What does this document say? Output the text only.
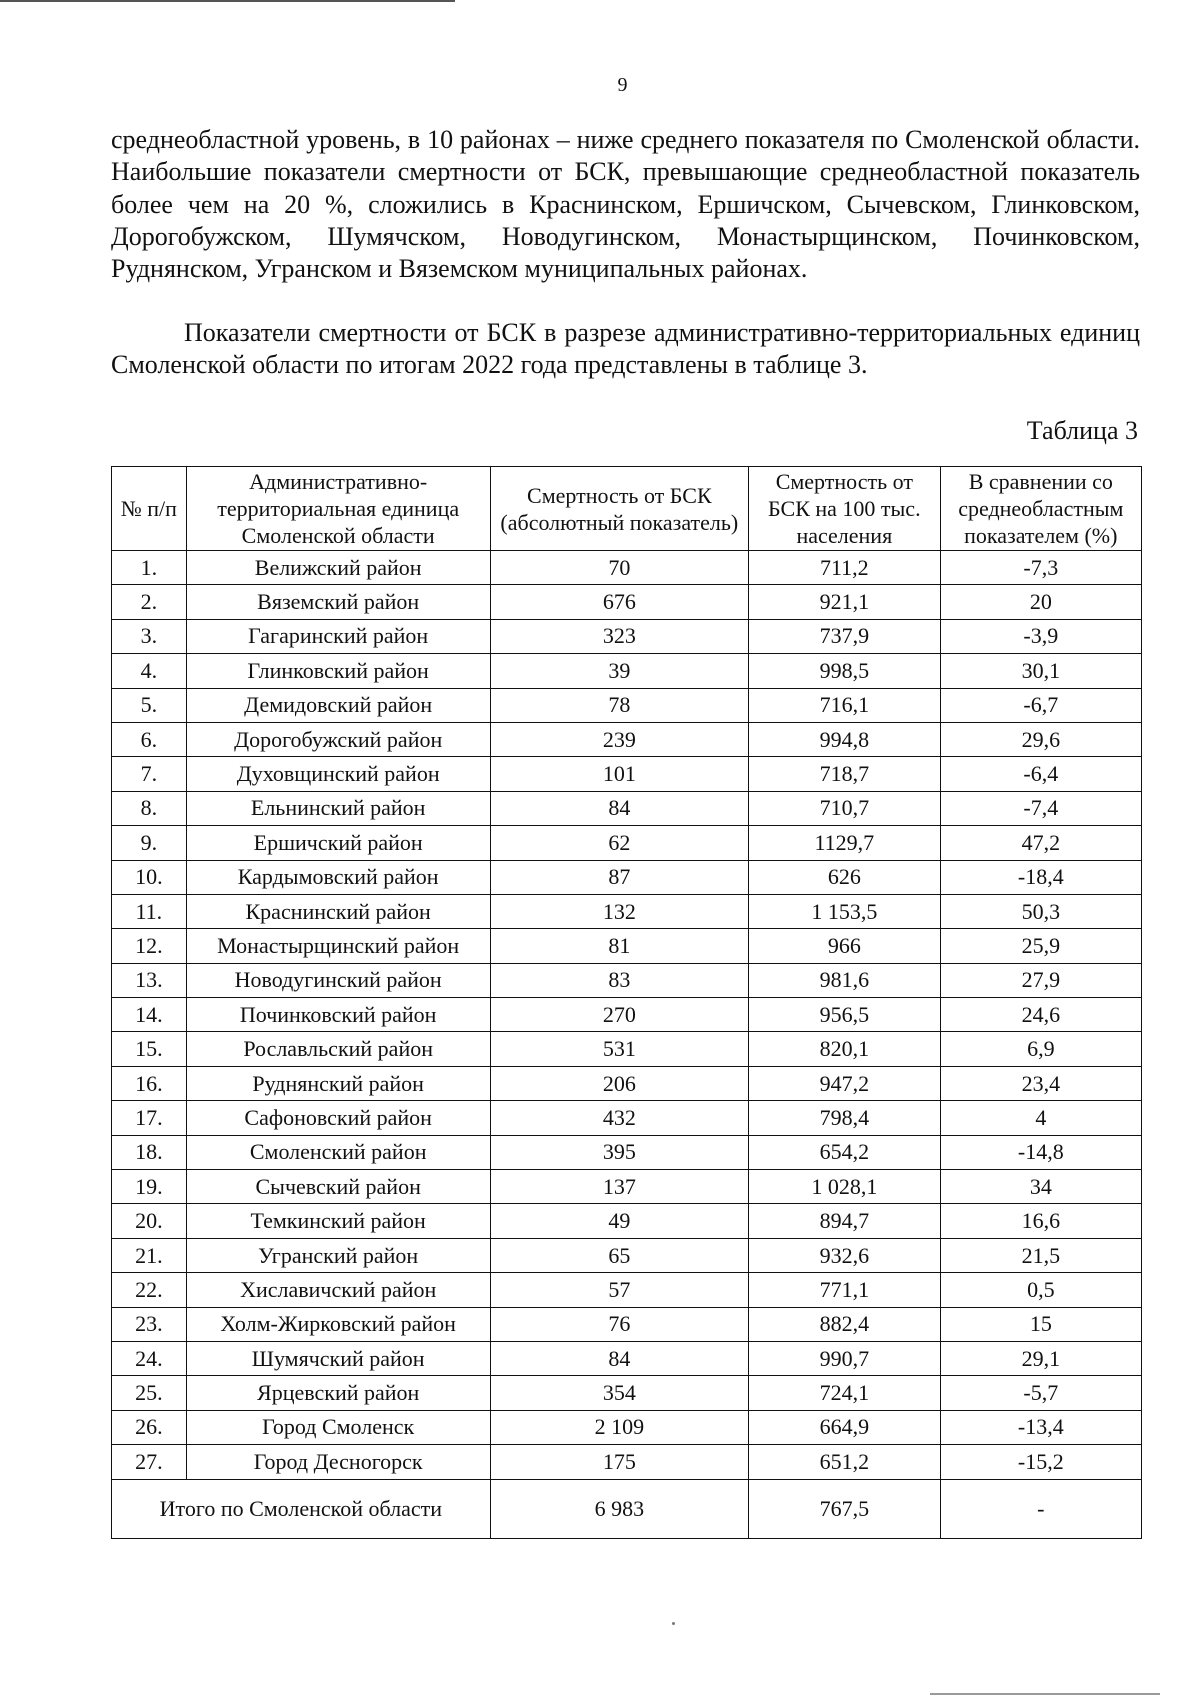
9
среднеобластной уровень, в 10 районах – ниже среднего показателя по Смоленской области. Наибольшие показатели смертности от БСК, превышающие среднеобластной показатель более чем на 20 %, сложились в Краснинском, Ершичском, Сычевском, Глинковском, Дорогобужском, Шумячском, Новодугинском, Монастырщинском, Починковском, Руднянском, Угранском и Вяземском муниципальных районах.
Показатели смертности от БСК в разрезе административно-территориальных единиц Смоленской области по итогам 2022 года представлены в таблице 3.
Таблица 3
№ п/п	Административно-территориальная единица Смоленской области	Смертность от БСК (абсолютный показатель)	Смертность от БСК на 100 тыс. населения	В сравнении со среднеобластным показателем (%)
1.	Велижский район	70	711,2	-7,3
2.	Вяземский район	676	921,1	20
3.	Гагаринский район	323	737,9	-3,9
4.	Глинковский район	39	998,5	30,1
5.	Демидовский район	78	716,1	-6,7
6.	Дорогобужский район	239	994,8	29,6
7.	Духовщинский район	101	718,7	-6,4
8.	Ельнинский район	84	710,7	-7,4
9.	Ершичский район	62	1129,7	47,2
10.	Кардымовский район	87	626	-18,4
11.	Краснинский район	132	1 153,5	50,3
12.	Монастырщинский район	81	966	25,9
13.	Новодугинский район	83	981,6	27,9
14.	Починковский район	270	956,5	24,6
15.	Рославльский район	531	820,1	6,9
16.	Руднянский район	206	947,2	23,4
17.	Сафоновский район	432	798,4	4
18.	Смоленский район	395	654,2	-14,8
19.	Сычевский район	137	1 028,1	34
20.	Темкинский район	49	894,7	16,6
21.	Угранский район	65	932,6	21,5
22.	Хиславичский район	57	771,1	0,5
23.	Холм-Жирковский район	76	882,4	15
24.	Шумячский район	84	990,7	29,1
25.	Ярцевский район	354	724,1	-5,7
26.	Город Смоленск	2 109	664,9	-13,4
27.	Город Десногорск	175	651,2	-15,2
Итого по Смоленской области		6 983	767,5	-
